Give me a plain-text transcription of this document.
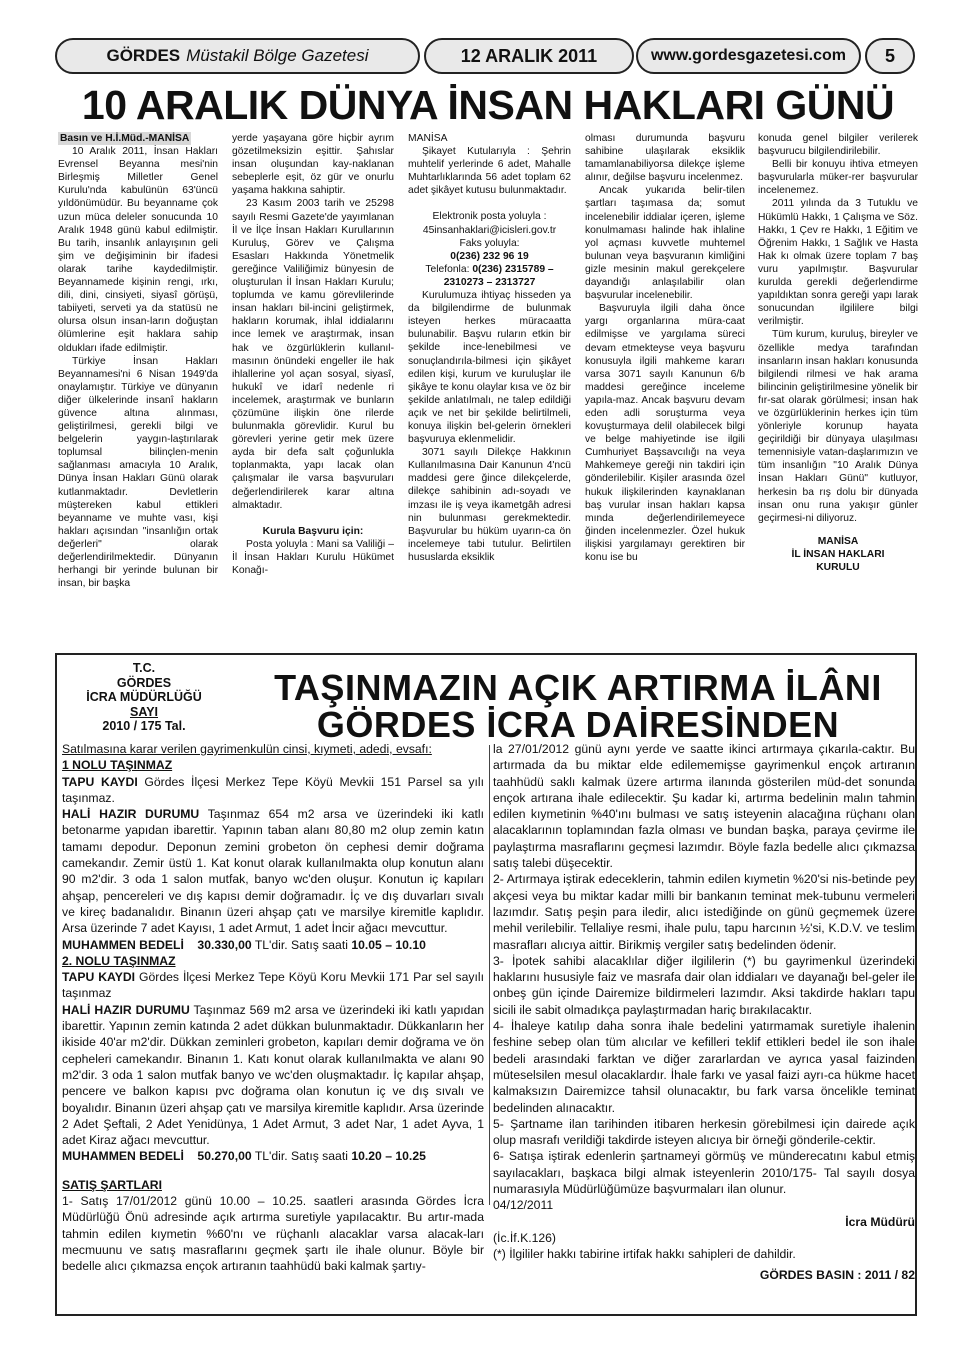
GÖRDES Müstakil Bölge Gazetesi	12 ARALIK 2011	www.gordesgazetesi.com	5
10 ARALIK DÜNYA İNSAN HAKLARI GÜNÜ
Basın ve H.İ.Müd.-MANİSA

10 Aralık 2011, İnsan Hakları Evrensel Beyanna mesi'nin Birleşmiş Milletler Genel Kurulu'nda kabulünün 63'üncü yıldönümüdür. Bu beyanname çok uzun müca deleler sonucunda 10 Aralık 1948 günü kabul edilmiştir. Bu tarih, insanlık anlayışının geli şim ve değişiminin bir ifadesi olarak tarihe kaydedilmiştir. Beyannamede kişinin rengi, ırkı, dili, dini, cinsiyeti, siyasî görüşü, tabiiyeti, serveti ya da statüsü ne olursa olsun insan-ların doğuştan ölümlerine eşit haklara sahip oldukları ifade edilmiştir.

Türkiye İnsan Hakları Beyannamesi'ni 6 Nisan 1949'da onaylamıştır. Türkiye ve dünyanın diğer ülkelerinde insanî hakların güvence altına alınması, geliştirilmesi, gerekli bilgi ve belgelerin yaygın-laştırılarak toplumsal bilinçlen-menin sağlanması amacıyla 10 Aralık, Dünya İnsan Hakları Günü olarak kutlanmaktadır. Devletlerin müştereken kabul ettikleri beyanname ve muhte vası, kişi hakları açısından "insanlığın ortak değerleri" olarak değerlendirilmektedir. Dünyanın herhangi bir yerinde bulunan bir insan, bir başka

yerde yaşayana göre hiçbir ayrım gözetilmeksizin eşittir. Şahıslar insan oluşundan kay-naklanan sebeplerle eşit, öz gür ve onurlu yaşama hakkına sahiptir.

23 Kasım 2003 tarih ve 25298 sayılı Resmi Gazete'de yayımlanan İl ve İlçe İnsan Hakları Kurullarının Kuruluş, Görev ve Çalışma Esasları Hakkında Yönetmelik gereğince Valiliğimiz bünyesin de oluşturulan İl İnsan Hakları Kurulu; toplumda ve kamu görevlilerinde insan hakları bil-incini geliştirmek, hakların korumak, ihlal iddialarını ince lemek ve araştırmak, insan hak ve özgürlüklerin kullanıl-masının önündeki engeller ile hak ihlallerine yol açan sosyal, siyasî, hukukî ve idarî nedenle ri incelemek, araştırmak ve bunların çözümüne ilişkin öne rilerde bulunmakla görevlidir. Kurul bu görevleri yerine getir mek üzere ayda bir defa salt çoğunlukla toplanmakta, yapı lacak olan çalışmalar ile varsa başvuruları değerlendirilerek karar altına almaktadır.

Kurula Başvuru için:

Posta yoluyla : Mani sa Valiliği – İl İnsan Hakları Kurulu Hükümet Konağı-

MANİSA

Şikayet Kutularıyla : Şehrin muhtelif yerlerinde 6 adet, Mahalle Muhtarlıklarında 56 adet toplam 62 adet şikâyet kutusu bulunmaktadır.

Elektronik posta yoluyla :

45insanhaklari@icisleri.gov.tr

Faks yoluyla:

0(236) 232 96 19

Telefonla: 0(236) 2315789 –

2310273 – 2313727

Kurulumuza ihtiyaç hisseden ya da bilgilendirme de bulunmak isteyen herkes müracaatta bulunabilir. Başvu ruların etkin bir şekilde ince-lenebilmesi ve sonuçlandırıla-bilmesi için şikâyet edilen kişi, kurum ve kuruluşlar ile şikâye te konu olaylar kısa ve öz bir şekilde anlatılmalı, ne talep edildiği açık ve net bir şekilde belirtilmeli, konuya ilişkin bel-gelerin örnekleri başvuruya eklenmelidir.

3071 sayılı Dilekçe Hakkının Kullanılmasına Dair Kanunun 4'ncü maddesi gere ğince dilekçelerde, dilekçe sahibinin adı-soyadı ve imzası ile iş veya ikametgâh adresi nin bulunması gerekmektedir. Başvurular bu hüküm uyarın-ca ön incelemeye tabi tutulur. Belirtilen hususlarda eksiklik

olması durumunda başvuru sahibine ulaşılarak eksiklik tamamlanabiliyorsa dilekçe işleme alınır, değilse başvuru incelenmez.

Ancak yukarıda belir-tilen şartları taşımasa da; somut incelenebilir iddialar içeren, işleme konulmaması halinde hak ihlaline yol açması kuvvetle muhtemel bulunan veya başvuranın kimliğini gizle mesinin makul gerekçelere dayandığı anlaşılabilir olan başvurular incelenebilir.

Başvuruyla ilgili daha önce yargı organlarına müra-caat edilmişse ve yargılama süreci devam etmekteyse veya başvuru konusuyla ilgili mahkeme kararı varsa 3071 sayılı Kanunun 6/b maddesi gereğince inceleme yapıla-maz. Ancak başvuru devam eden adli soruşturma veya kovuşturmaya delil olabilecek bilgi ve belge mahiyetinde ise ilgili Cumhuriyet Başsavcılığı na veya Mahkemeye gereği nin takdiri için gönderilebilir. Kişiler arasında özel hukuk ilişkilerinden kaynaklanan baş vurular insan hakları kapsa mında değerlendirilemeyece ğinden incelenmezler. Özel hukuk ilişkisi yargılamayı gerektiren bir konu ise bu

konuda genel bilgiler verilerek başvurucu bilgilendirilebilir.

Belli bir konuyu ihtiva etmeyen başvurularla müker-rer başvurular incelenemez.

2011 yılında da 3 Tutuklu ve Hükümlü Hakkı, 1 Çalışma ve Söz. Hakkı, 1 Çev re Hakkı, 1 Eğitim ve Öğrenim Hakkı, 1 Sağlık ve Hasta Hak kı olmak üzere toplam 7 baş vuru yapılmıştır. Başvurular kurulda gerekli değerlendirme yapıldıktan sonra gereği yapı larak sonucundan ilgililere bilgi verilmiştir.

Tüm kurum, kuruluş, bireyler ve özellikle medya tarafından insanların insan hakları konusunda bilgilendi rilmesi ve hak arama bilincinin geliştirilmesine yönelik bir fır-sat olarak görülmesi; insan hak ve özgürlüklerinin herkes için tüm yönleriyle korunup hayata geçirildiği bir dünyaya ulaşılması temennisiyle vatan-daşlarımızın ve tüm insanlığın "10 Aralık Dünya İnsan Hakları Günü" kutluyor, herkesin ba rış dolu bir dünyada insan onu runa yakışır günler geçirmesi-ni diliyoruz.

MANİSA

İL İNSAN HAKLARI

KURULU

T.C.
GÖRDES
İCRA MÜDÜRLÜĞÜ
SAYI
2010 / 175 Tal.
TAŞINMAZIN AÇIK ARTIRMA İLÂNI
GÖRDES İCRA DAİRESİNDEN

Satılmasına karar verilen gayrimenkulün cinsi, kıymeti, adedi, evsafı:

1 NOLU TAŞINMAZ

TAPU KAYDI Gördes İlçesi Merkez Tepe Köyü Mevkii 151 Parsel sa yılı taşınmaz.

HALİ HAZIR DURUMU Taşınmaz 654 m2 arsa ve üzerindeki iki katlı betonarme yapıdan ibarettir. Yapının taban alanı 80,80 m2 olup zemin katın tamamı depodur. Deponun zemini grobeton ön cephesi demir doğrama camekandır. Zemir üstü 1. Kat konut olarak kullanılmakta olup konutun alanı 90 m2'dir. 3 oda 1 salon mutfak, banyo wc'den oluşur. Konutun iç kapıları ahşap, pencereleri ve dış kapısı demir doğramadır. İç ve dış duvarları sıvalı ve kireç badanalıdır. Binanın üzeri ahşap çatı ve marsilye kiremitle kaplıdır. Arsa üzerinde 7 adet Kayısı, 1 adet Armut, 1 adet İncir ağacı mevcuttur.

MUHAMMEN BEDELİ 30.330,00 TL'dir. Satış saati 10.05 – 10.10

2. NOLU TAŞINMAZ

TAPU KAYDI Gördes İlçesi Merkez Tepe Köyü Koru Mevkii 171 Par sel sayılı taşınmaz

HALİ HAZIR DURUMU Taşınmaz 569 m2 arsa ve üzerindeki iki katlı yapıdan ibarettir. Yapının zemin katında 2 adet dükkan bulunmaktadır. Dükkanların her ikiside 40'ar m2'dir. Dükkan zeminleri grobeton, kapıları demir doğrama ve ön cepheleri camekandır. Binanın 1. Katı konut olarak kullanılmakta ve alanı 90 m2'dir. 3 oda 1 salon mutfak banyo ve wc'den oluşmaktadır. İç kapılar ahşap, pencere ve balkon kapısı pvc doğrama olan konutun iç ve dış sıvalı ve boyalıdır. Binanın üzeri ahşap çatı ve marsilya kiremitle kaplıdır. Arsa üzerinde 2 Adet Şeftali, 2 Adet Yenidünya, 1 Adet Armut, 3 adet Nar, 1 adet Ayva, 1 adet Kiraz ağacı mevcuttur.

MUHAMMEN BEDELİ 50.270,00 TL'dir. Satış saati 10.20 – 10.25

SATIŞ ŞARTLARI

1- Satış 17/01/2012 günü 10.00 – 10.25. saatleri arasında Gördes İcra Müdürlüğü Önü adresinde açık artırma suretiyle yapılacaktır. Bu artır-mada tahmin edilen kıymetin %60'nı ve rüçhanlı alacaklar varsa alacak-ları mecmuunu ve satış masraflarını geçmek şartı ile ihale olunur. Böyle bir bedelle alıcı çıkmazsa ençok artıranın taahhüdü baki kalmak şartıy-

la 27/01/2012 günü aynı yerde ve saatte ikinci artırmaya çıkarıla-caktır. Bu artırmada da bu miktar elde edilememişse gayrimenkul ençok artıranın taahhüdü saklı kalmak üzere artırma ilanında gösterilen müd-det sonunda ençok artırana ihale edilecektir. Şu kadar ki, artırma bedelinin malın tahmin edilen kıymetinin %40'ını bulması ve satış isteyenin alacağına rüçhanı olan alacaklarının toplamından fazla olması ve bundan başka, paraya çevirme ile paylaştırma masraflarını geçmesi lazımdır. Böyle fazla bedelle alıcı çıkmazsa satış talebi düşecektir.

2- Artırmaya iştirak edeceklerin, tahmin edilen kıymetin %20'si nis-betinde pey akçesi veya bu miktar kadar milli bir bankanın teminat mek-tubunu vermeleri lazımdır. Satış peşin para iledir, alıcı istediğinde on günü geçmemek üzere mehil verilebilir. Tellaliye resmi, ihale pulu, tapu harcının ½'si, K.D.V. ve teslim masrafları alıcıya aittir. Birikmiş vergiler satış bedelinden ödenir.

3- İpotek sahibi alacaklılar diğer ilgililerin (*) bu gayrimenkul üzerindeki haklarını hususiyle faiz ve masrafa dair olan iddiaları ve dayanağı bel-geler ile onbeş gün içinde Dairemize bildirmeleri lazımdır. Aksi takdirde hakları tapu sicili ile sabit olmadıkça paylaştırmadan hariç bırakılacaktır.

4- İhaleye katılıp daha sonra ihale bedelini yatırmamak suretiyle ihalenin feshine sebep olan tüm alıcılar ve kefilleri teklif ettikleri bedel ile son ihale bedeli arasındaki farktan ve diğer zararlardan ve ayrıca yasal faizinden müteselsilen mesul olacaklardır. İhale farkı ve yasal faizi ayrı-ca hükme hacet kalmaksızın Dairemizce tahsil olunacaktır, bu fark varsa öncelikle teminat bedelinden alınacaktır.

5- Şartname ilan tarihinden itibaren herkesin görebilmesi için dairede açık olup masrafı verildiği takdirde isteyen alıcıya bir örneği gönderile-cektir.

6- Satışa iştirak edenlerin şartnameyi görmüş ve münderecatını kabul etmiş sayılacakları, başkaca bilgi almak isteyenlerin 2010/175- Tal sayılı dosya numarasıyla Müdürlüğümüze başvurmaları ilan olunur.

04/12/2011

İcra Müdürü

(İc.İf.K.126)

(*) İlgililer hakkı tabirine irtifak hakkı sahipleri de dahildir.

GÖRDES BASIN : 2011 / 82
